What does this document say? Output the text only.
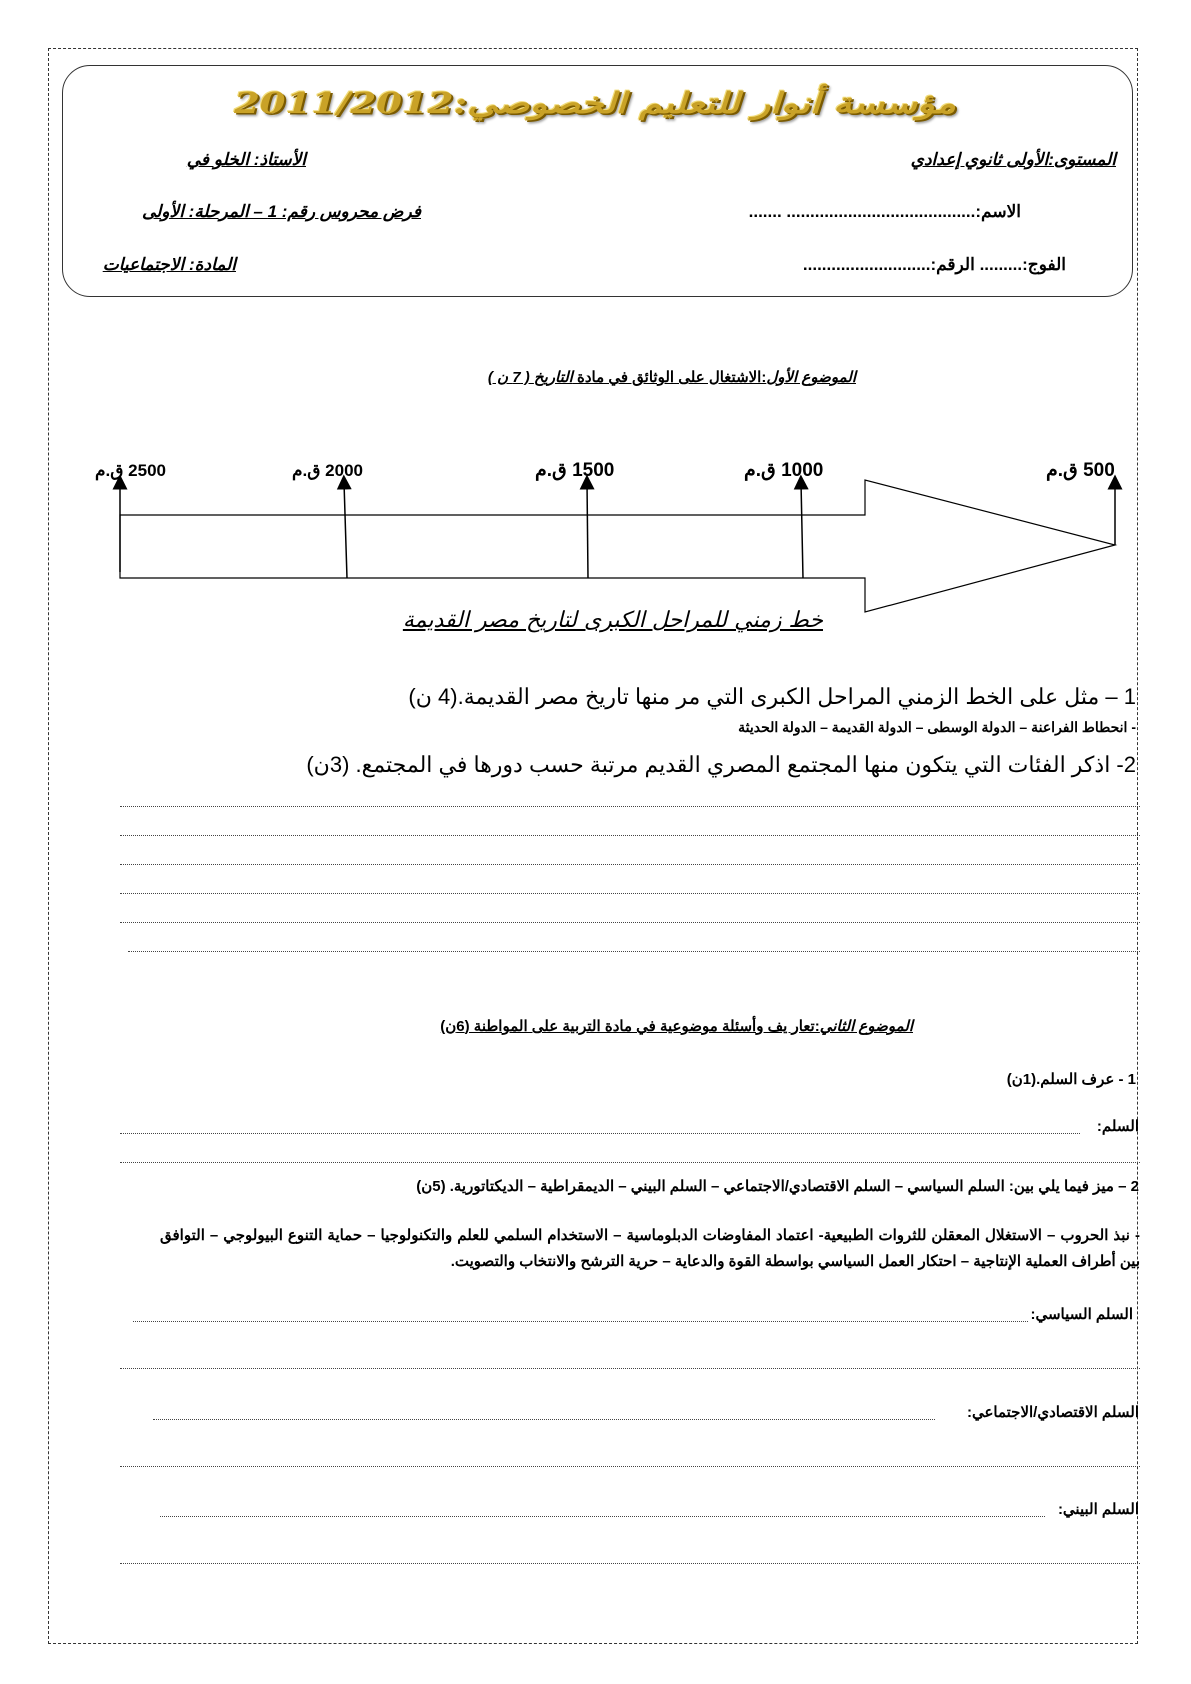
مؤسسة أنوار للتعليم الخصوصي:2011/2012
المستوى:الأولى ثانوي إعدادي
الأستاذ: الخلو في
الاسم:........................................ .......
فرض محروس رقم: 1 – المرحلة: الأولى
الفوج:......... الرقم:...........................
المادة: الاجتماعيات
الموضوع الأول:الاشتغال على الوثائق في مادة التاريخ ( 7 ن )
2500 ق.م	2000 ق.م	1500 ق.م	1000 ق.م	500 ق.م
خط زمني للمراحل الكبرى لتاريخ مصر القديمة
1 – مثل على الخط الزمني المراحل الكبرى التي مر منها تاريخ مصر القديمة.(4 ن)
- انحطاط الفراعنة – الدولة الوسطى – الدولة القديمة – الدولة الحديثة
2- اذكر الفئات التي يتكون منها المجتمع المصري القديم مرتبة حسب دورها في المجتمع. (3ن)
الموضوع الثاني:تعار يف وأسئلة موضوعية في مادة التربية على المواطنة (6ن)
1 - عرف السلم.(1ن)
السلم:
2 – ميز فيما يلي بين: السلم السياسي – السلم الاقتصادي/الاجتماعي – السلم البيني – الديمقراطية – الديكتاتورية. (5ن)
- نبذ الحروب – الاستغلال المعقلن للثروات الطبيعية- اعتماد المفاوضات الدبلوماسية – الاستخدام السلمي للعلم والتكنولوجيا – حماية التنوع البيولوجي – التوافق بين أطراف العملية الإنتاجية – احتكار العمل السياسي بواسطة القوة والدعاية – حرية الترشح والانتخاب والتصويت.
السلم السياسي:
السلم الاقتصادي/الاجتماعي:
السلم البيني:
